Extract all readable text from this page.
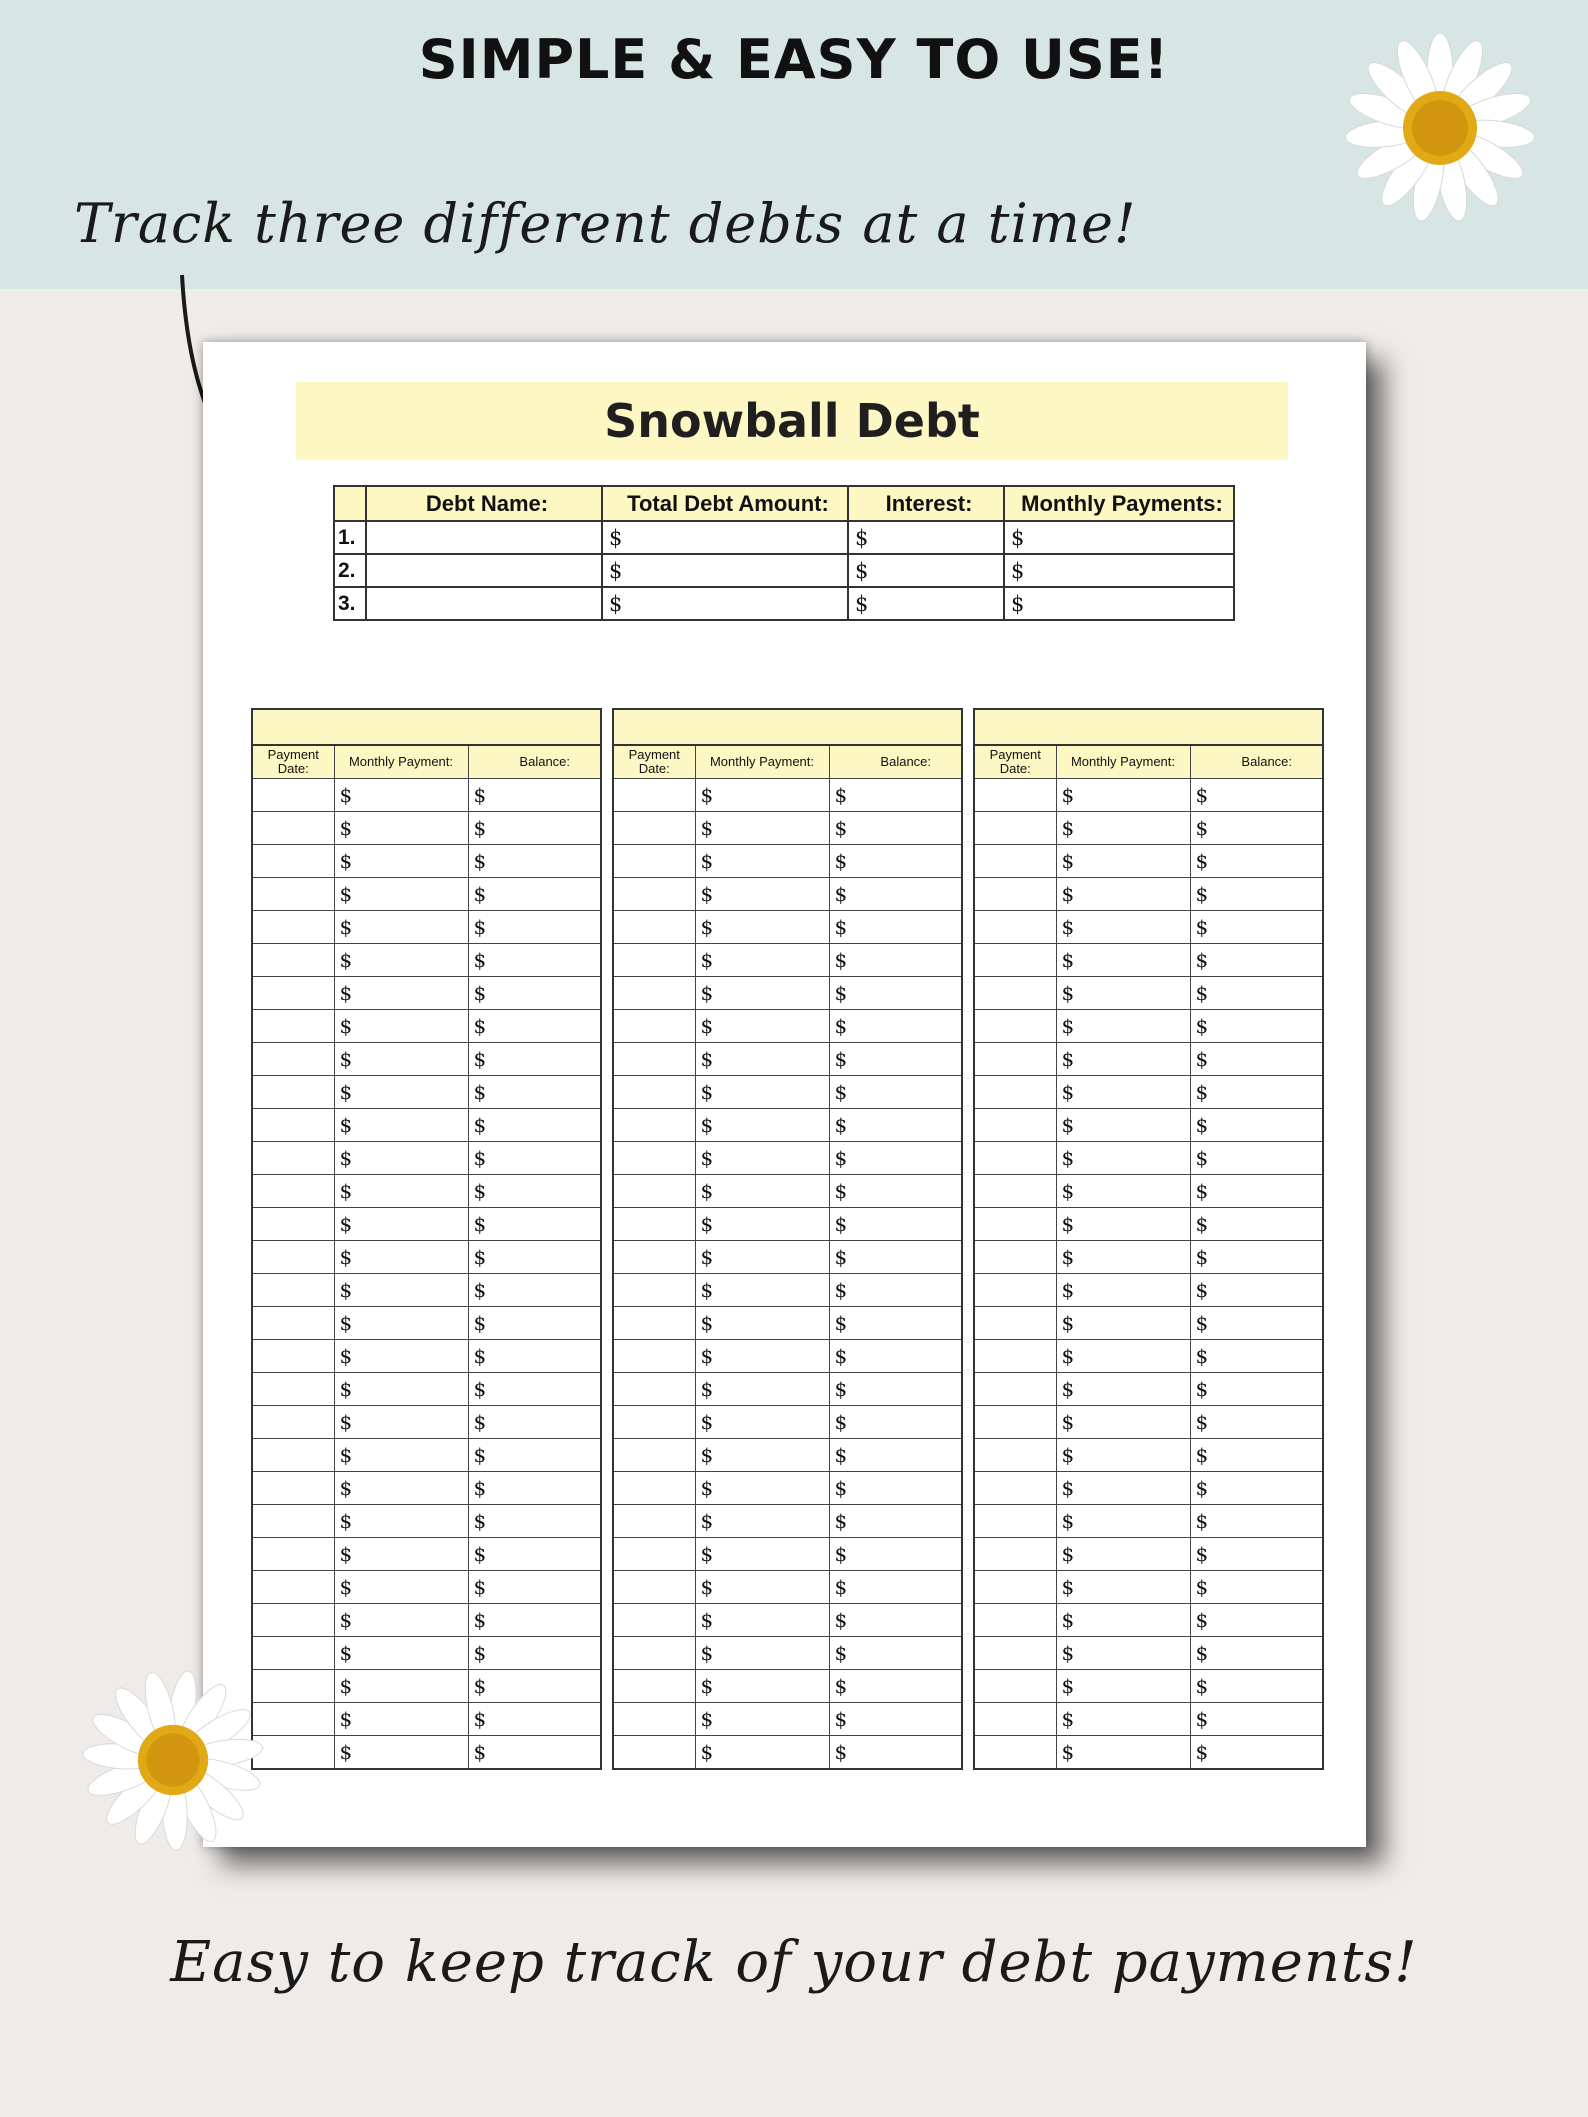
SIMPLE & EASY TO USE!
Track three different debts at a time!
Snowball Debt
	Debt Name:	Total Debt Amount:	Interest:	Monthly Payments:
1.		$	$	$
2.		$	$	$
3.		$	$	$

Payment Date:	Monthly Payment:	Balance:
	$	$
	$	$
	$	$
	$	$
	$	$
	$	$
	$	$
	$	$
	$	$
	$	$
	$	$
	$	$
	$	$
	$	$
	$	$
	$	$
	$	$
	$	$
	$	$
	$	$
	$	$
	$	$
	$	$
	$	$
	$	$
	$	$
	$	$
	$	$
	$	$
	$	$

Payment Date:	Monthly Payment:	Balance:
	$	$
	$	$
	$	$
	$	$
	$	$
	$	$
	$	$
	$	$
	$	$
	$	$
	$	$
	$	$
	$	$
	$	$
	$	$
	$	$
	$	$
	$	$
	$	$
	$	$
	$	$
	$	$
	$	$
	$	$
	$	$
	$	$
	$	$
	$	$
	$	$
	$	$

Payment Date:	Monthly Payment:	Balance:
	$	$
	$	$
	$	$
	$	$
	$	$
	$	$
	$	$
	$	$
	$	$
	$	$
	$	$
	$	$
	$	$
	$	$
	$	$
	$	$
	$	$
	$	$
	$	$
	$	$
	$	$
	$	$
	$	$
	$	$
	$	$
	$	$
	$	$
	$	$
	$	$
	$	$
Easy to keep track of your debt payments!
